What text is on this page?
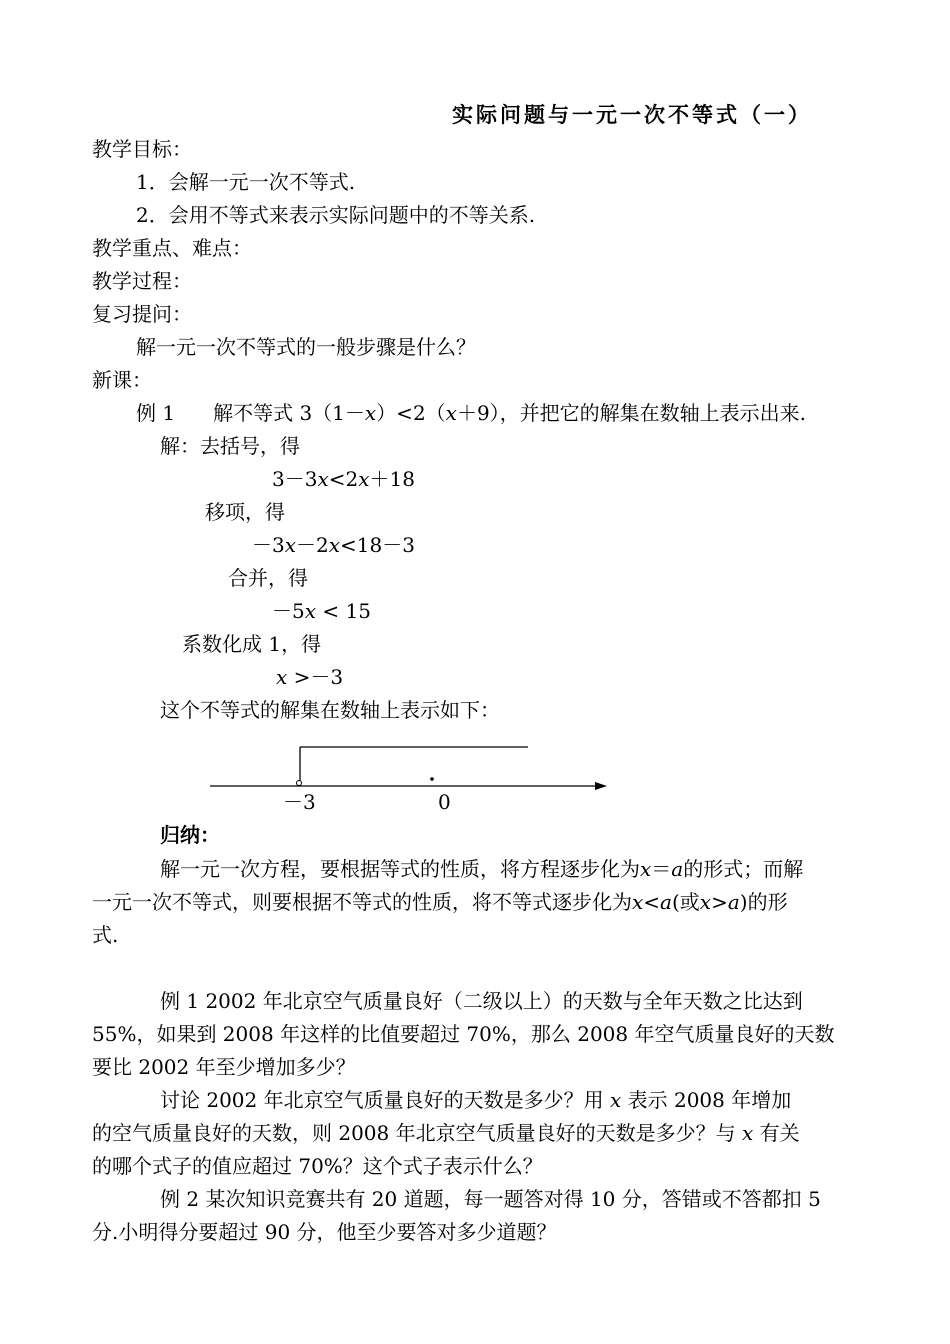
实际问题与一元一次不等式（一）
教学目标：
1．会解一元一次不等式.
2．会用不等式来表示实际问题中的不等关系.
教学重点、难点：
教学过程：
复习提问：
解一元一次不等式的一般步骤是什么？
新课：
例 1 解不等式 3（1－x）<2（x＋9），并把它的解集在数轴上表示出来.
解：去括号，得
3－3x<2x＋18
移项，得
－3x－2x<18－3
合并，得
－5x < 15
系数化成 1，得
x >－3
这个不等式的解集在数轴上表示如下：
－3	0
归纳：
解一元一次方程，要根据等式的性质，将方程逐步化为x＝a的形式；而解
一元一次不等式，则要根据不等式的性质，将不等式逐步化为x<a(或x>a)的形
式.
例 1 2002 年北京空气质量良好（二级以上）的天数与全年天数之比达到
55%，如果到 2008 年这样的比值要超过 70%，那么 2008 年空气质量良好的天数
要比 2002 年至少增加多少？
讨论 2002 年北京空气质量良好的天数是多少？用 x 表示 2008 年增加
的空气质量良好的天数，则 2008 年北京空气质量良好的天数是多少？与 x 有关
的哪个式子的值应超过 70%？这个式子表示什么？
例 2 某次知识竞赛共有 20 道题，每一题答对得 10 分，答错或不答都扣 5
分.小明得分要超过 90 分，他至少要答对多少道题？
